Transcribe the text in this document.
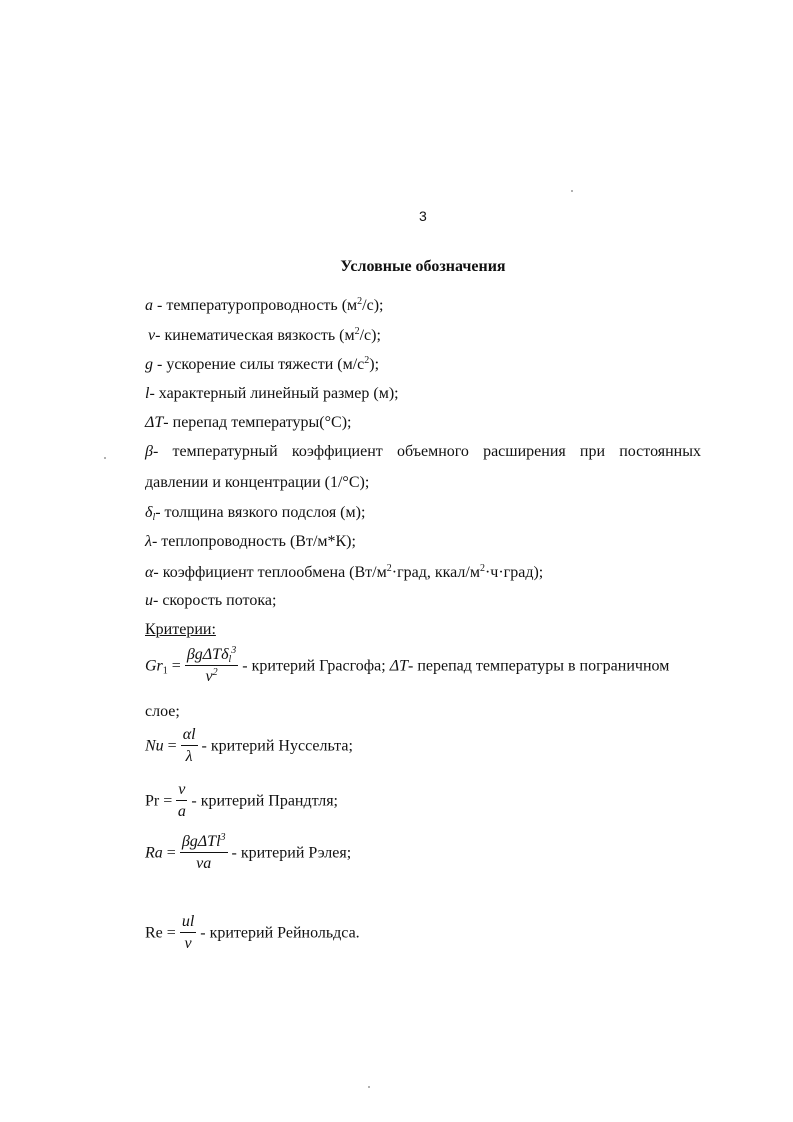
3
Условные обозначения
a - температуропроводность $(м^2/с)$;
ν- кинематическая вязкость $(м^2/с)$;
g - ускорение силы тяжести $(м/с^2)$;
l- характерный линейный размер (м);
ΔT- перепад температуры(°С);
β- температурный коэффициент объемного расширения при постоянных
давлении и концентрации (1/°С);
$\delta_l-$ толщина вязкого подслоя (м);
λ- теплопроводность (Вт/м*К);
α- коэффициент теплообмена ($Вт/м^2\cdot град$, ккал/$м^2\cdot ч\cdot град$);
u- скорость потока;
Критерии:
$Gr_1 = \frac{\beta g\Delta T\delta_l^3}{\nu^2}$ - критерий Грасгофа; ΔT- перепад температуры в пограничном
слое;
$Nu = \frac{\alpha l}{\lambda}$ - критерий Нуссельта;
$Pr = \frac{\nu}{a}$ - критерий Прандтля;
$Ra = \frac{\beta g\Delta Tl^3}{\nu a}$ - критерий Рэлея;
$Re = \frac{ul}{\nu}$ - критерий Рейнольдса.
